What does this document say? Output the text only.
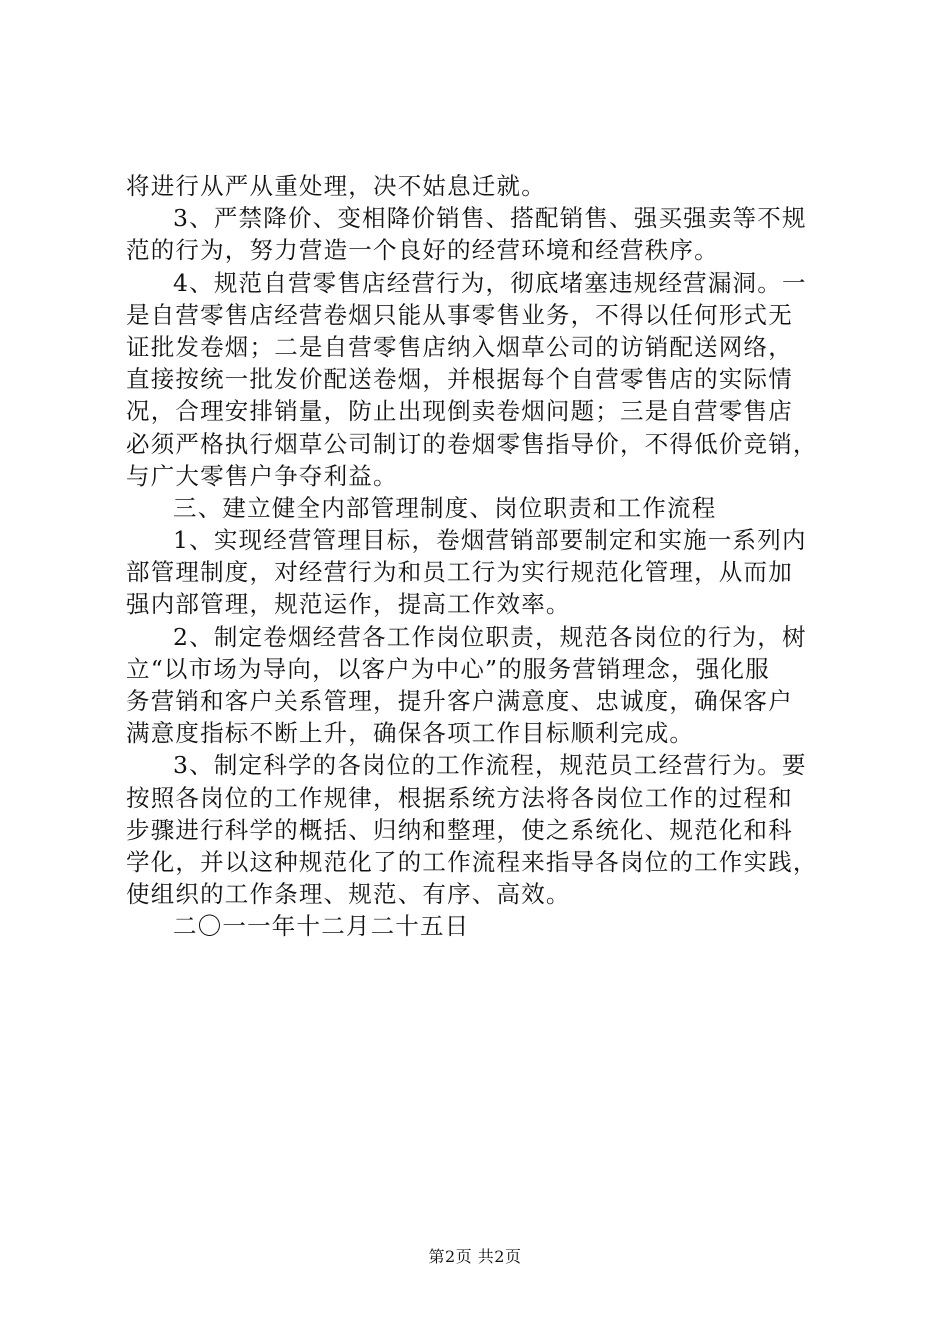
将进行从严从重处理，决不姑息迁就。
3、严禁降价、变相降价销售、搭配销售、强买强卖等不规
范的行为，努力营造一个良好的经营环境和经营秩序。
4、规范自营零售店经营行为，彻底堵塞违规经营漏洞。一
是自营零售店经营卷烟只能从事零售业务，不得以任何形式无
证批发卷烟；二是自营零售店纳入烟草公司的访销配送网络，
直接按统一批发价配送卷烟，并根据每个自营零售店的实际情
况，合理安排销量，防止出现倒卖卷烟问题；三是自营零售店
必须严格执行烟草公司制订的卷烟零售指导价，不得低价竞销，
与广大零售户争夺利益。
三、建立健全内部管理制度、岗位职责和工作流程
1、实现经营管理目标，卷烟营销部要制定和实施一系列内
部管理制度，对经营行为和员工行为实行规范化管理，从而加
强内部管理，规范运作，提高工作效率。
2、制定卷烟经营各工作岗位职责，规范各岗位的行为，树
立“以市场为导向，以客户为中心”的服务营销理念，强化服
务营销和客户关系管理，提升客户满意度、忠诚度，确保客户
满意度指标不断上升，确保各项工作目标顺利完成。
3、制定科学的各岗位的工作流程，规范员工经营行为。要
按照各岗位的工作规律，根据系统方法将各岗位工作的过程和
步骤进行科学的概括、归纳和整理，使之系统化、规范化和科
学化，并以这种规范化了的工作流程来指导各岗位的工作实践，
使组织的工作条理、规范、有序、高效。
二〇一一年十二月二十五日
第2页 共2页
